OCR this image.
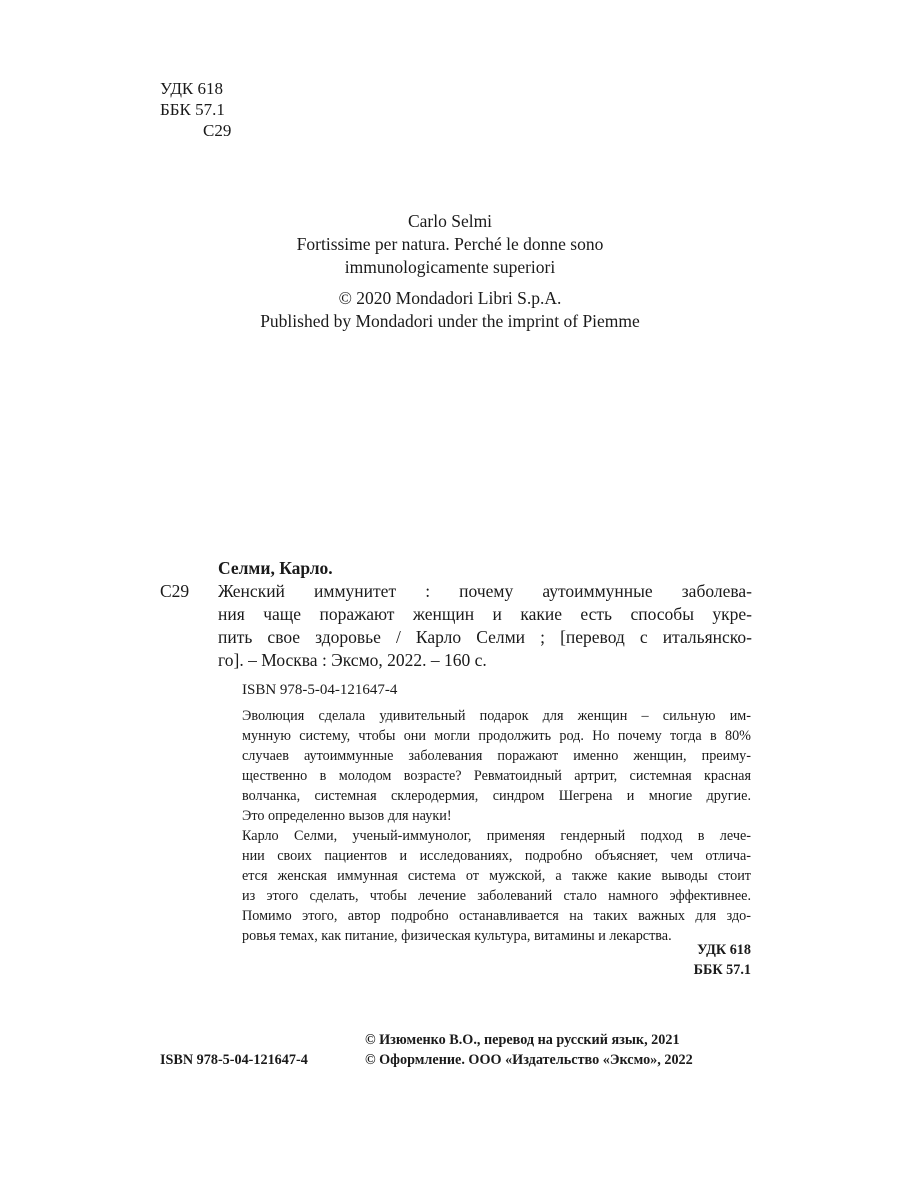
УДК 618
ББК 57.1
С29
Carlo Selmi
Fortissime per natura. Perché le donne sono
immunologicamente superiori
© 2020 Mondadori Libri S.p.A.
Published by Mondadori under the imprint of Piemme
Селми, Карло.
С29	Женский иммунитет : почему аутоиммунные заболева-
ния чаще поражают женщин и какие есть способы укре-
пить свое здоровье / Карло Селми ; [перевод с итальянско-
го]. – Москва : Эксмо, 2022. – 160 с.
ISBN 978-5-04-121647-4
Эволюция сделала удивительный подарок для женщин – сильную им-
мунную систему, чтобы они могли продолжить род. Но почему тогда в 80%
случаев аутоиммунные заболевания поражают именно женщин, преиму-
щественно в молодом возрасте? Ревматоидный артрит, системная красная
волчанка, системная склеродермия, синдром Шегрена и многие другие.
Это определенно вызов для науки!
Карло Селми, ученый-иммунолог, применяя гендерный подход в лече-
нии своих пациентов и исследованиях, подробно объясняет, чем отлича-
ется женская иммунная система от мужской, а также какие выводы стоит
из этого сделать, чтобы лечение заболеваний стало намного эффективнее.
Помимо этого, автор подробно останавливается на таких важных для здо-
ровья темах, как питание, физическая культура, витамины и лекарства.
УДК 618
ББК 57.1
ISBN 978-5-04-121647-4
© Изюменко В.О., перевод на русский язык, 2021
© Оформление. ООО «Издательство «Эксмо», 2022
